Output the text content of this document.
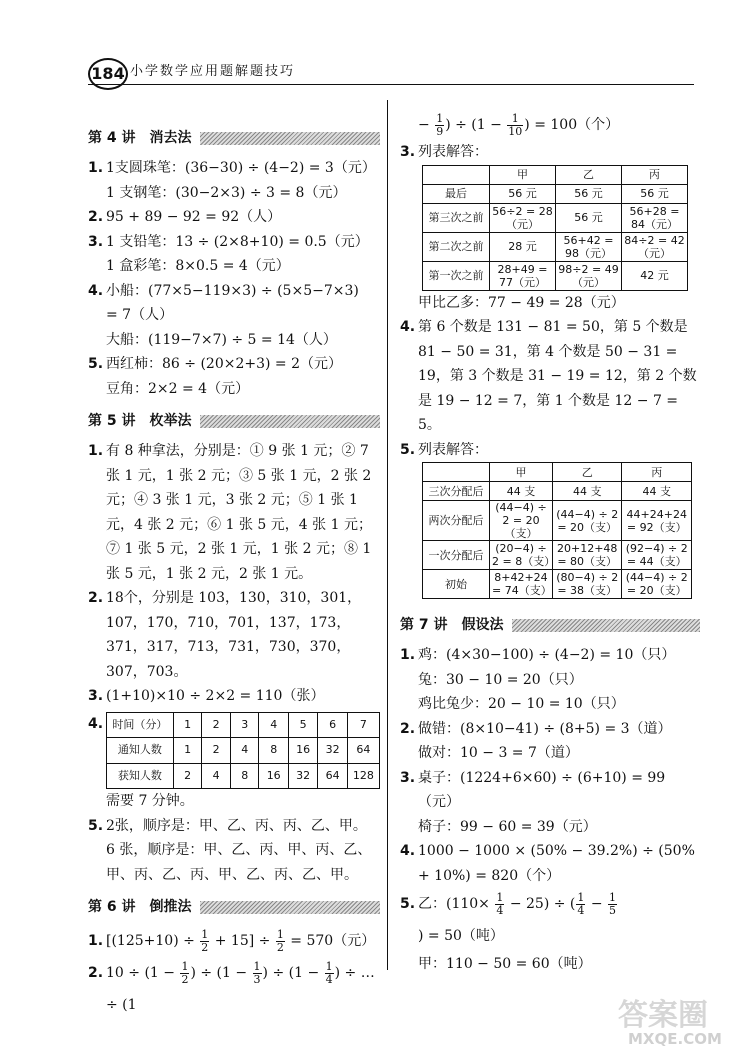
184 小学数学应用题解题技巧
第 4 讲　消去法
1. 1支圆珠笔：(36−30) ÷ (4−2) = 3（元）
1 支钢笔：(30−2×3) ÷ 3 = 8（元）
2. 95 + 89 − 92 = 92（人）
3. 1 支铅笔：13 ÷ (2×8+10) = 0.5（元）
1 盒彩笔：8×0.5 = 4（元）
4. 小船：(77×5−119×3) ÷ (5×5−7×3)
= 7（人）
大船：(119−7×7) ÷ 5 = 14（人）
5. 西红柿：86 ÷ (20×2+3) = 2（元）
豆角：2×2 = 4（元）
第 5 讲　枚举法
1. 有 8 种拿法，分别是：① 9 张 1 元；② 7 张 1 元，1 张 2 元；③ 5 张 1 元，2 张 2 元；④ 3 张 1 元，3 张 2 元；⑤ 1 张 1 元，4 张 2 元；⑥ 1 张 5 元，4 张 1 元；⑦ 1 张 5 元，2 张 1 元，1 张 2 元；⑧ 1 张 5 元，1 张 2 元，2 张 1 元。
2. 18个，分别是 103，130，310，301，107，170，710，701，137，173，371，317，713，731，730，370，307，703。
3. (1+10)×10 ÷ 2×2 = 110（张）
4. 时间（分）	1	2	3	4	5	6	7
通知人数	1	2	4	8	16	32	64
获知人数	2	4	8	16	32	64	128
需要 7 分钟。
5. 2张，顺序是：甲、乙、丙、丙、乙、甲。
6 张，顺序是：甲、乙、丙、甲、丙、乙、甲、丙、乙、丙、甲、乙、丙、乙、甲。
第 6 讲　倒推法
1. $[(125+10) \div \frac{1}{2} + 15] \div \frac{1}{2} = 570$（元）
2. $10 \div (1 - \frac{1}{2}$ ) ÷ ($1 - \frac{1}{3}$ ) ÷ ($1 - \frac{1}{4}$ ) ÷ … ÷ (1
− $\frac{1}{9}$ ) ÷ ($1 - \frac{1}{10}$ ) = 100（个）
3. 列表解答：
	甲	乙	丙
最后	56 元	56 元	56 元
第三次之前	56÷2 = 28（元）	56 元	56+28 = 84（元）
第二次之前	28 元	56+42 = 98（元）	84÷2 = 42（元）
第一次之前	28+49 = 77（元）	98÷2 = 49（元）	42 元
甲比乙多：77 − 49 = 28（元）
4. 第 6 个数是 131 − 81 = 50，第 5 个数是 81 − 50 = 31，第 4 个数是 50 − 31 = 19，第 3 个数是 31 − 19 = 12，第 2 个数是 19 − 12 = 7，第 1 个数是 12 − 7 = 5。
5. 列表解答：
	甲	乙	丙
三次分配后	44 支	44 支	44 支
两次分配后	(44−4) ÷ 2 = 20（支）	(44−4) ÷ 2 = 20（支）	44+24+24 = 92（支）
一次分配后	(20−4) ÷ 2 = 8（支）	20+12+48 = 80（支）	(92−4) ÷ 2 = 44（支）
初始	8+42+24 = 74（支）	(80−4) ÷ 2 = 38（支）	(44−4) ÷ 2 = 20（支）
第 7 讲　假设法
1. 鸡：(4×30−100) ÷ (4−2) = 10（只）
兔：30 − 10 = 20（只）
鸡比兔少：20 − 10 = 10（只）
2. 做错：(8×10−41) ÷ (8+5) = 3（道）
做对：10 − 3 = 7（道）
3. 桌子：(1224+6×60) ÷ (6+10) = 99（元）
椅子：99 − 60 = 39（元）
4. 1000 − 1000 × (50% − 39.2%) ÷ (50% + 10%) = 820（个）
5. 乙：$(110\times \frac{1}{4} - 25)$ ÷ ( $\frac{1}{4} - \frac{1}{5}$
) = 50（吨）
甲：110 − 50 = 60（吨）
答案圈
MXQE.COM
